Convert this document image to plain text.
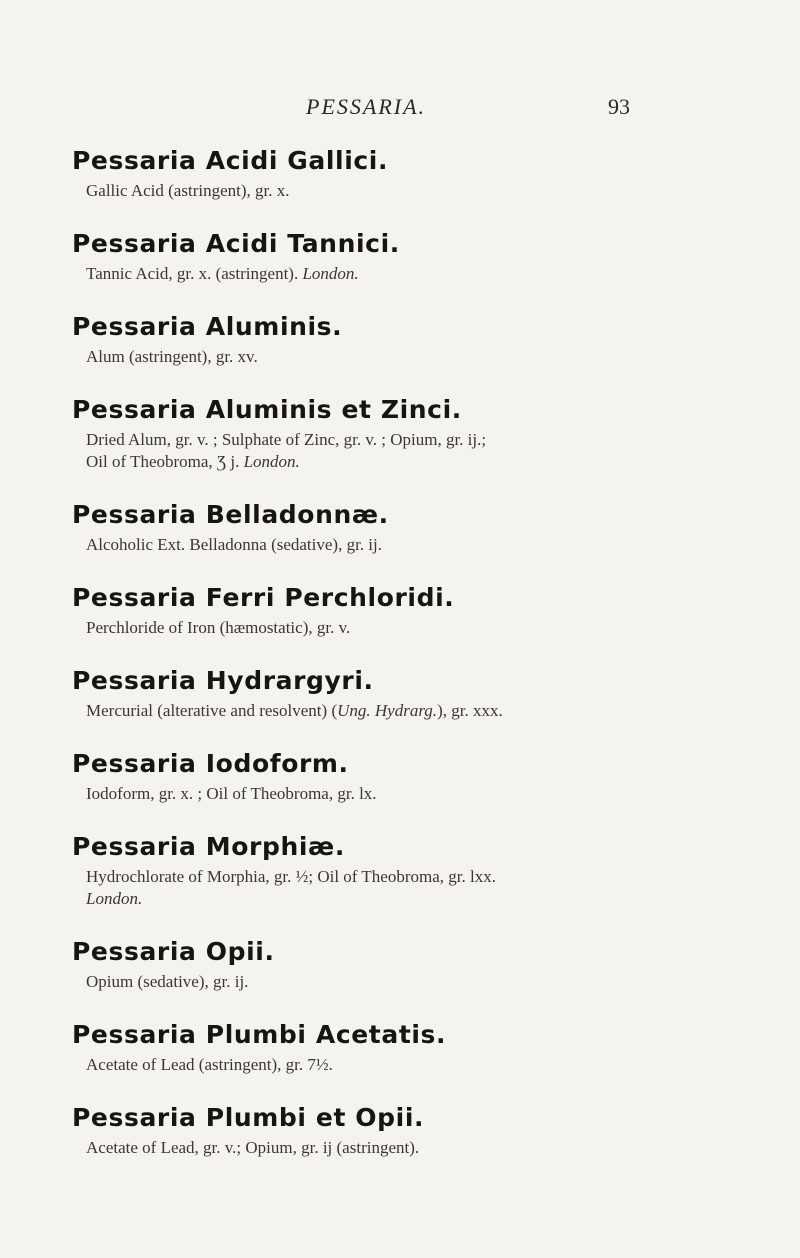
PESSARIA.	93

Pessaria Acidi Gallici.

Gallic Acid (astringent), gr. x.

Pessaria Acidi Tannici.

Tannic Acid, gr. x. (astringent). London.

Pessaria Aluminis.

Alum (astringent), gr. xv.

Pessaria Aluminis et Zinci.

Dried Alum, gr. v. ; Sulphate of Zinc, gr. v. ; Opium, gr. ij.;
Oil of Theobroma, Ʒ j. London.

Pessaria Belladonnæ.

Alcoholic Ext. Belladonna (sedative), gr. ij.

Pessaria Ferri Perchloridi.

Perchloride of Iron (hæmostatic), gr. v.

Pessaria Hydrargyri.

Mercurial (alterative and resolvent) (Ung. Hydrarg.), gr. xxx.

Pessaria Iodoform.

Iodoform, gr. x. ; Oil of Theobroma, gr. lx.

Pessaria Morphiæ.

Hydrochlorate of Morphia, gr. ½; Oil of Theobroma, gr. lxx.
London.

Pessaria Opii.

Opium (sedative), gr. ij.

Pessaria Plumbi Acetatis.

Acetate of Lead (astringent), gr. 7½.

Pessaria Plumbi et Opii.

Acetate of Lead, gr. v.; Opium, gr. ij (astringent).
